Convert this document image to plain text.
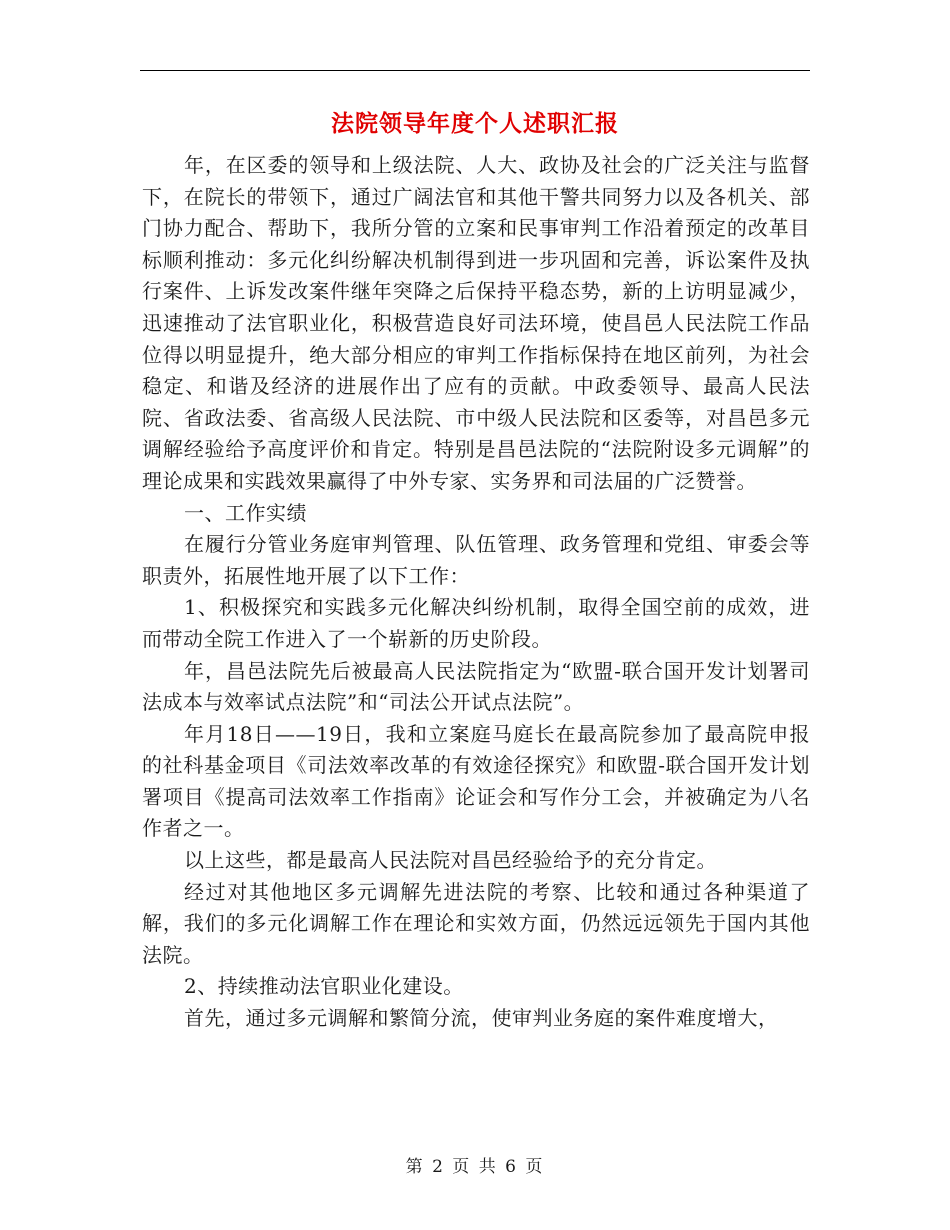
法院领导年度个人述职汇报

年，在区委的领导和上级法院、人大、政协及社会的广泛关注与监督下，在院长的带领下，通过广阔法官和其他干警共同努力以及各机关、部门协力配合、帮助下，我所分管的立案和民事审判工作沿着预定的改革目标顺利推动：多元化纠纷解决机制得到进一步巩固和完善，诉讼案件及执行案件、上诉发改案件继年突降之后保持平稳态势，新的上访明显减少，迅速推动了法官职业化，积极营造良好司法环境，使昌邑人民法院工作品位得以明显提升，绝大部分相应的审判工作指标保持在地区前列，为社会稳定、和谐及经济的进展作出了应有的贡献。中政委领导、最高人民法院、省政法委、省高级人民法院、市中级人民法院和区委等，对昌邑多元调解经验给予高度评价和肯定。特别是昌邑法院的“法院附设多元调解”的理论成果和实践效果赢得了中外专家、实务界和司法届的广泛赞誉。

一、工作实绩

在履行分管业务庭审判管理、队伍管理、政务管理和党组、审委会等职责外，拓展性地开展了以下工作：

1、积极探究和实践多元化解决纠纷机制，取得全国空前的成效，进而带动全院工作进入了一个崭新的历史阶段。

年，昌邑法院先后被最高人民法院指定为“欧盟-联合国开发计划署司法成本与效率试点法院”和“司法公开试点法院”。

年月18日——19日，我和立案庭马庭长在最高院参加了最高院申报的社科基金项目《司法效率改革的有效途径探究》和欧盟-联合国开发计划署项目《提高司法效率工作指南》论证会和写作分工会，并被确定为八名作者之一。

以上这些，都是最高人民法院对昌邑经验给予的充分肯定。

经过对其他地区多元调解先进法院的考察、比较和通过各种渠道了解，我们的多元化调解工作在理论和实效方面，仍然远远领先于国内其他法院。

2、持续推动法官职业化建设。

首先，通过多元调解和繁简分流，使审判业务庭的案件难度增大，

第 2 页 共 6 页
